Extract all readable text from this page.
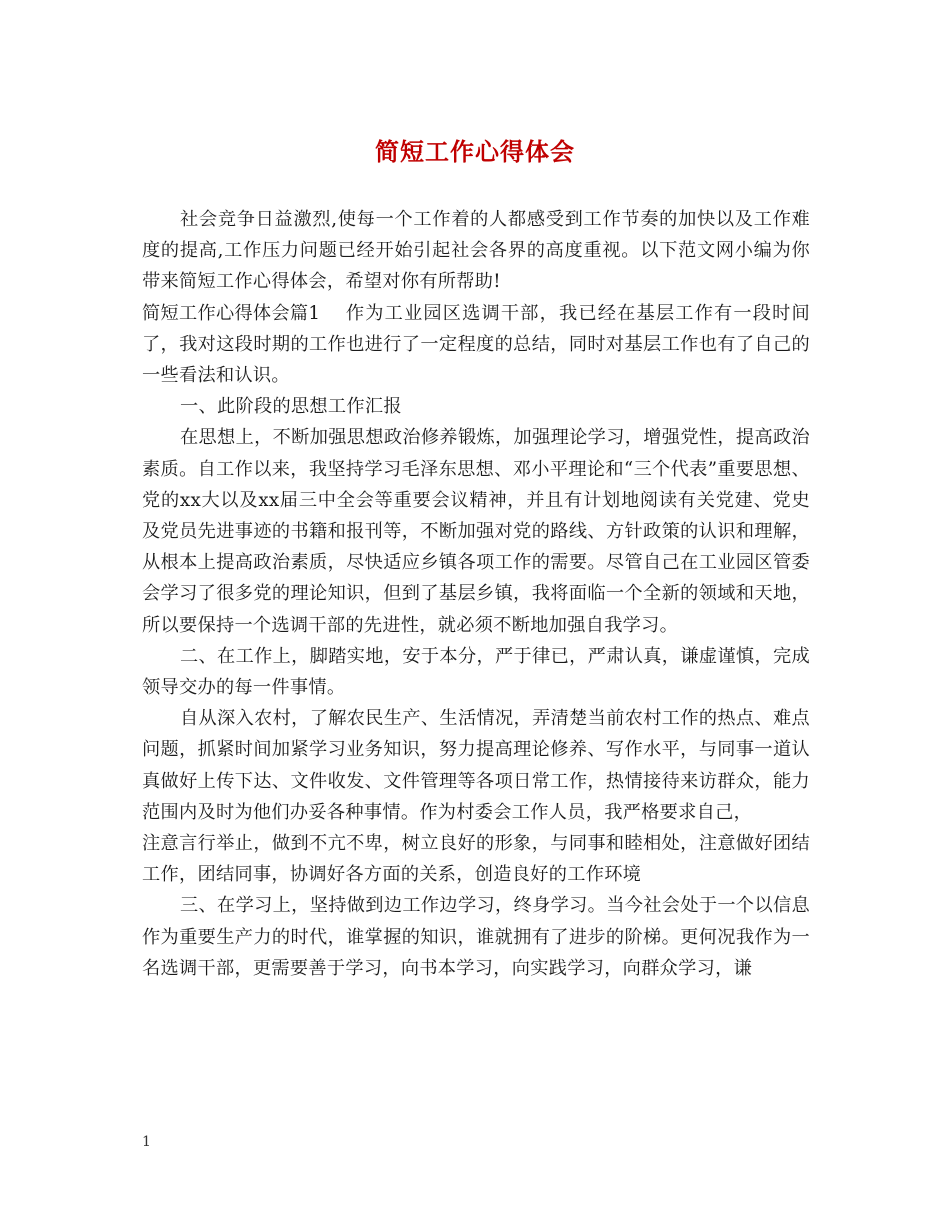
简短工作心得体会

社会竞争日益激烈,使每一个工作着的人都感受到工作节奏的加快以及工作难度的提高,工作压力问题已经开始引起社会各界的高度重视。以下范文网小编为你带来简短工作心得体会，希望对你有所帮助!

简短工作心得体会篇1 作为工业园区选调干部，我已经在基层工作有一段时间了，我对这段时期的工作也进行了一定程度的总结，同时对基层工作也有了自己的一些看法和认识。

一、此阶段的思想工作汇报

在思想上，不断加强思想政治修养锻炼，加强理论学习，增强党性，提高政治素质。自工作以来，我坚持学习毛泽东思想、邓小平理论和“三个代表”重要思想、党的xx大以及xx届三中全会等重要会议精神，并且有计划地阅读有关党建、党史及党员先进事迹的书籍和报刊等，不断加强对党的路线、方针政策的认识和理解，从根本上提高政治素质，尽快适应乡镇各项工作的需要。尽管自己在工业园区管委会学习了很多党的理论知识，但到了基层乡镇，我将面临一个全新的领域和天地，所以要保持一个选调干部的先进性，就必须不断地加强自我学习。

二、在工作上，脚踏实地，安于本分，严于律已，严肃认真，谦虚谨慎，完成领导交办的每一件事情。

自从深入农村，了解农民生产、生活情况，弄清楚当前农村工作的热点、难点问题，抓紧时间加紧学习业务知识，努力提高理论修养、写作水平，与同事一道认真做好上传下达、文件收发、文件管理等各项日常工作，热情接待来访群众，能力范围内及时为他们办妥各种事情。作为村委会工作人员，我严格要求自己，

注意言行举止，做到不亢不卑，树立良好的形象，与同事和睦相处，注意做好团结工作，团结同事，协调好各方面的关系，创造良好的工作环境

三、在学习上，坚持做到边工作边学习，终身学习。当今社会处于一个以信息作为重要生产力的时代，谁掌握的知识，谁就拥有了进步的阶梯。更何况我作为一名选调干部，更需要善于学习，向书本学习，向实践学习，向群众学习，谦

1
